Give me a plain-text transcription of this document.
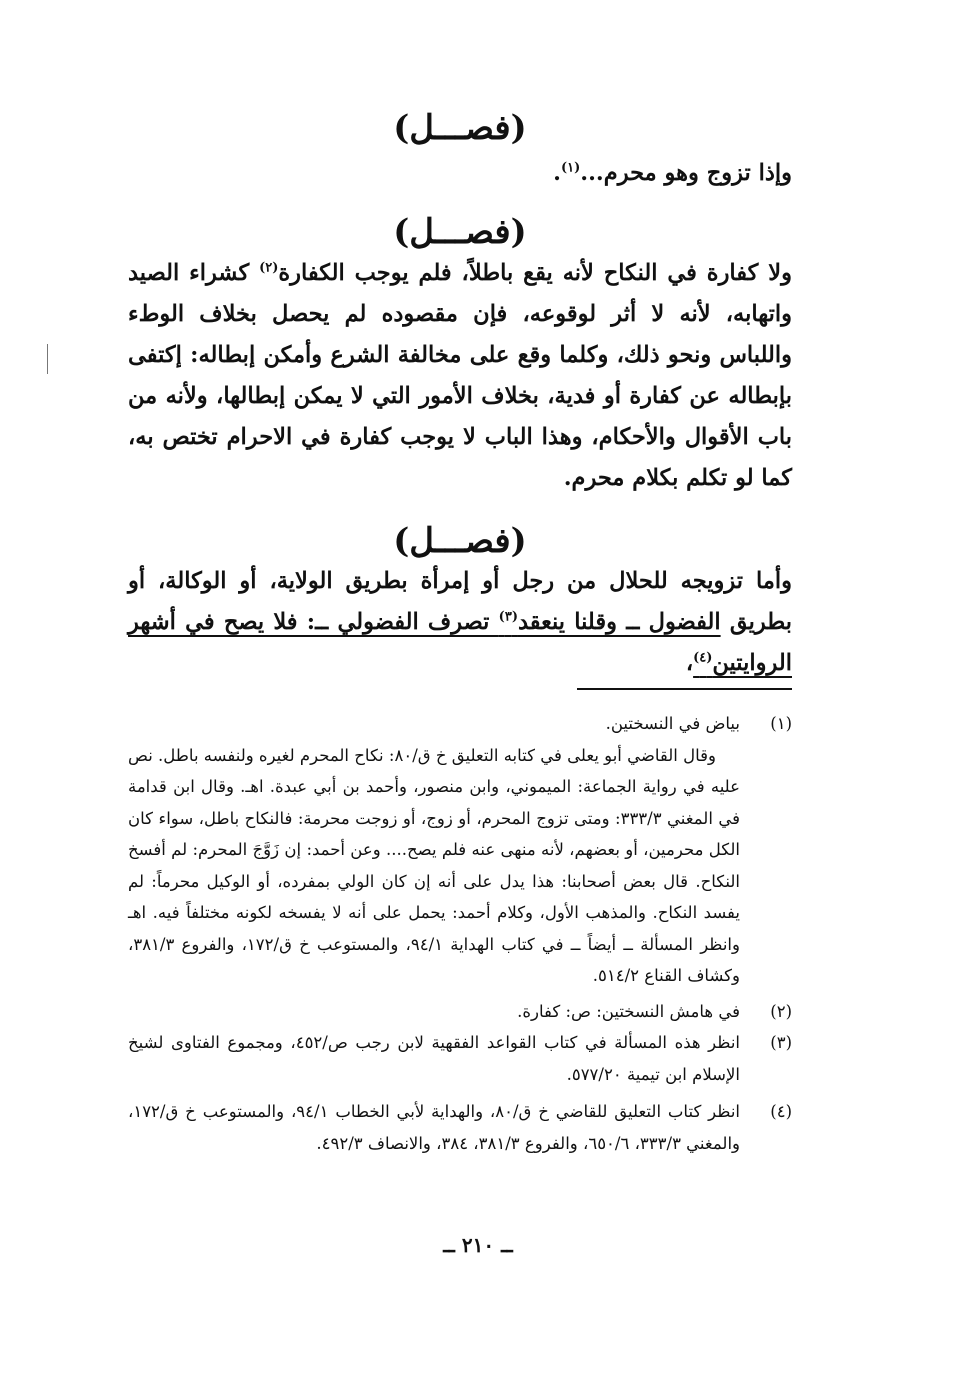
(فصـــل)

وإذا تزوج وهو محرم...$^{(١)}$.

(فصـــل)

ولا كفارة في النكاح لأنه يقع باطلاً، فلم يوجب الكفارة$^{(٢)}$ كشراء الصيد واتهابه، لأنه لا أثر لوقوعه، فإن مقصوده لم يحصل بخلاف الوطء واللباس ونحو ذلك، وكلما وقع على مخالفة الشرع وأمكن إبطاله: إكتفى بإبطاله عن كفارة أو فدية، بخلاف الأمور التي لا يمكن إبطالها، ولأنه من باب الأقوال والأحكام، وهذا الباب لا يوجب كفارة في الاحرام تختص به، كما لو تكلم بكلام محرم.

(فصـــل)

وأما تزويجه للحلال من رجل أو إمرأة بطريق الولاية، أو الوكالة، أو بطريق الفضول ــ وقلنا ينعقد$^{(٣)}$ تصرف الفضولي ــ: فلا يصح في أشهر الروايتين$^{(٤)}$،

(١)

بياض في النسختين.

وقال القاضي أبو يعلى في كتابه التعليق خ ق/٨٠: نكاح المحرم لغيره ولنفسه باطل. نص عليه في رواية الجماعة: الميموني، وابن منصور، وأحمد بن أبي عبدة. اهـ. وقال ابن قدامة في المغني ٣٣٣/٣: ومتى تزوج المحرم، أو زوج، أو زوجت محرمة: فالنكاح باطل، سواء كان الكل محرمين، أو بعضهم، لأنه منهى عنه فلم يصح.... وعن أحمد: إن زَوَّجَ المحرم: لم أفسخ النكاح. قال بعض أصحابنا: هذا يدل على أنه إن كان الولي بمفرده، أو الوكيل محرماً: لم يفسد النكاح. والمذهب الأول، وكلام أحمد: يحمل على أنه لا يفسخه لكونه مختلفاً فيه. اهـ وانظر المسألة ــ أيضاً ــ في كتاب الهداية ٩٤/١، والمستوعب خ ق/١٧٢، والفروع ٣٨١/٣، وكشاف القناع ٥١٤/٢.

(٢)

في هامش النسختين: ص: كفارة.

(٣)

انظر هذه المسألة في كتاب القواعد الفقهية لابن رجب ص/٤٥٢، ومجموع الفتاوى لشيخ الإسلام ابن تيمية ٥٧٧/٢٠.

(٤)

انظر كتاب التعليق للقاضي خ ق/٨٠، والهداية لأبي الخطاب ٩٤/١، والمستوعب خ ق/١٧٢، والمغني ٣٣٣/٣، ٦٥٠/٦، والفروع ٣٨١/٣، ٣٨٤، والانصاف ٤٩٢/٣.

ــ ٢١٠ ــ
